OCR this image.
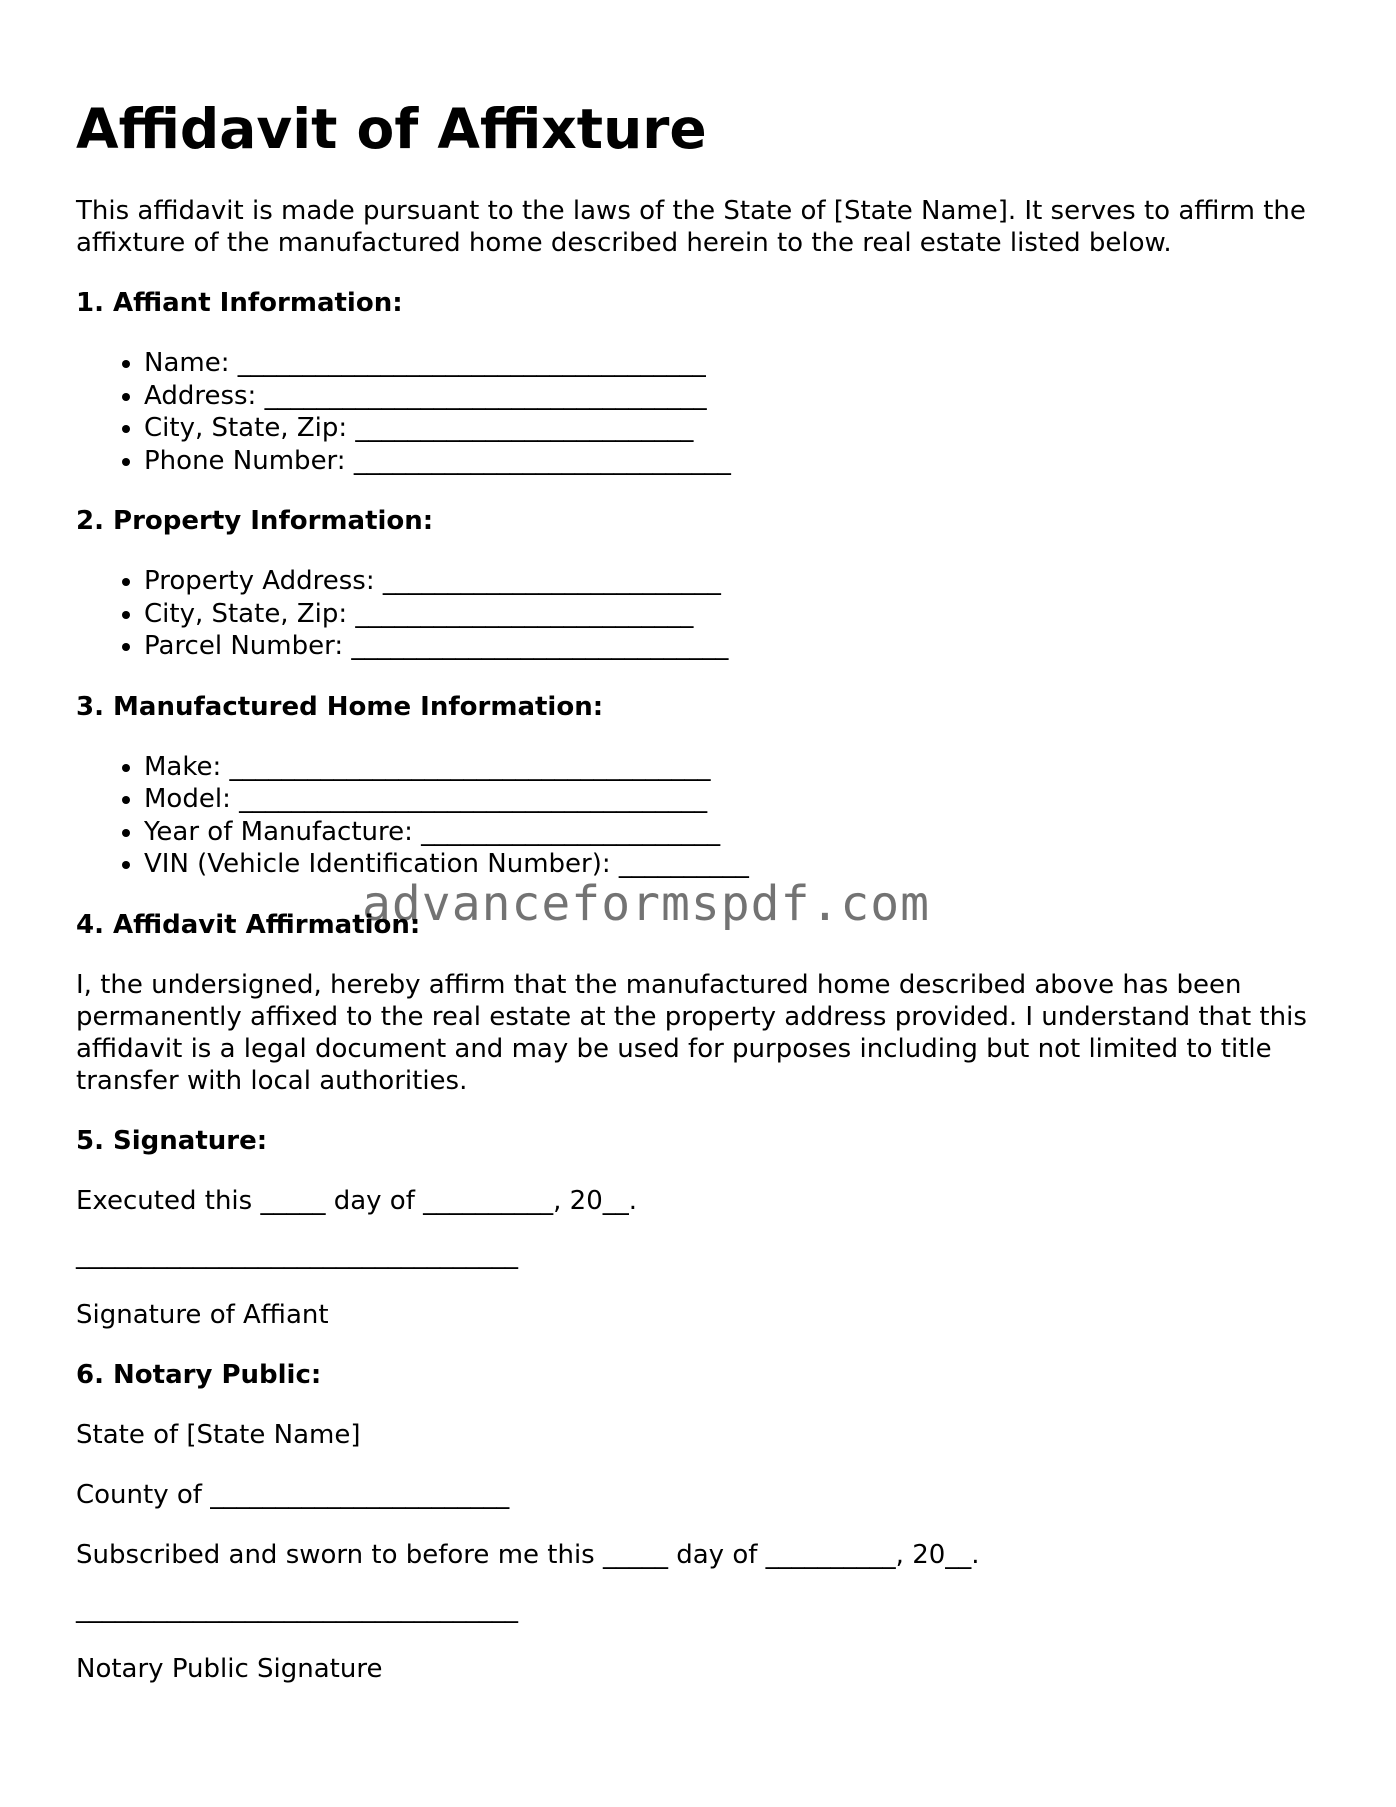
Affidavit of Affixture
This affidavit is made pursuant to the laws of the State of [State Name]. It serves to affirm the affixture of the manufactured home described herein to the real estate listed below.
1. Affiant Information:
• Name: ____________________________________
• Address: __________________________________
• City, State, Zip: __________________________
• Phone Number: _____________________________
2. Property Information:
• Property Address: __________________________
• City, State, Zip: __________________________
• Parcel Number: _____________________________
3. Manufactured Home Information:
• Make: _____________________________________
• Model: ____________________________________
• Year of Manufacture: _______________________
• VIN (Vehicle Identification Number): __________
4. Affidavit Affirmation:

I, the undersigned, hereby affirm that the manufactured home described above has been permanently affixed to the real estate at the property address provided. I understand that this affidavit is a legal document and may be used for purposes including but not limited to title transfer with local authorities.

5. Signature:

Executed this _____ day of __________, 20__.

__________________________________

Signature of Affiant

6. Notary Public:

State of [State Name]

County of _______________________

Subscribed and sworn to before me this _____ day of __________, 20__.

__________________________________

Notary Public Signature

advanceformspdf.com
